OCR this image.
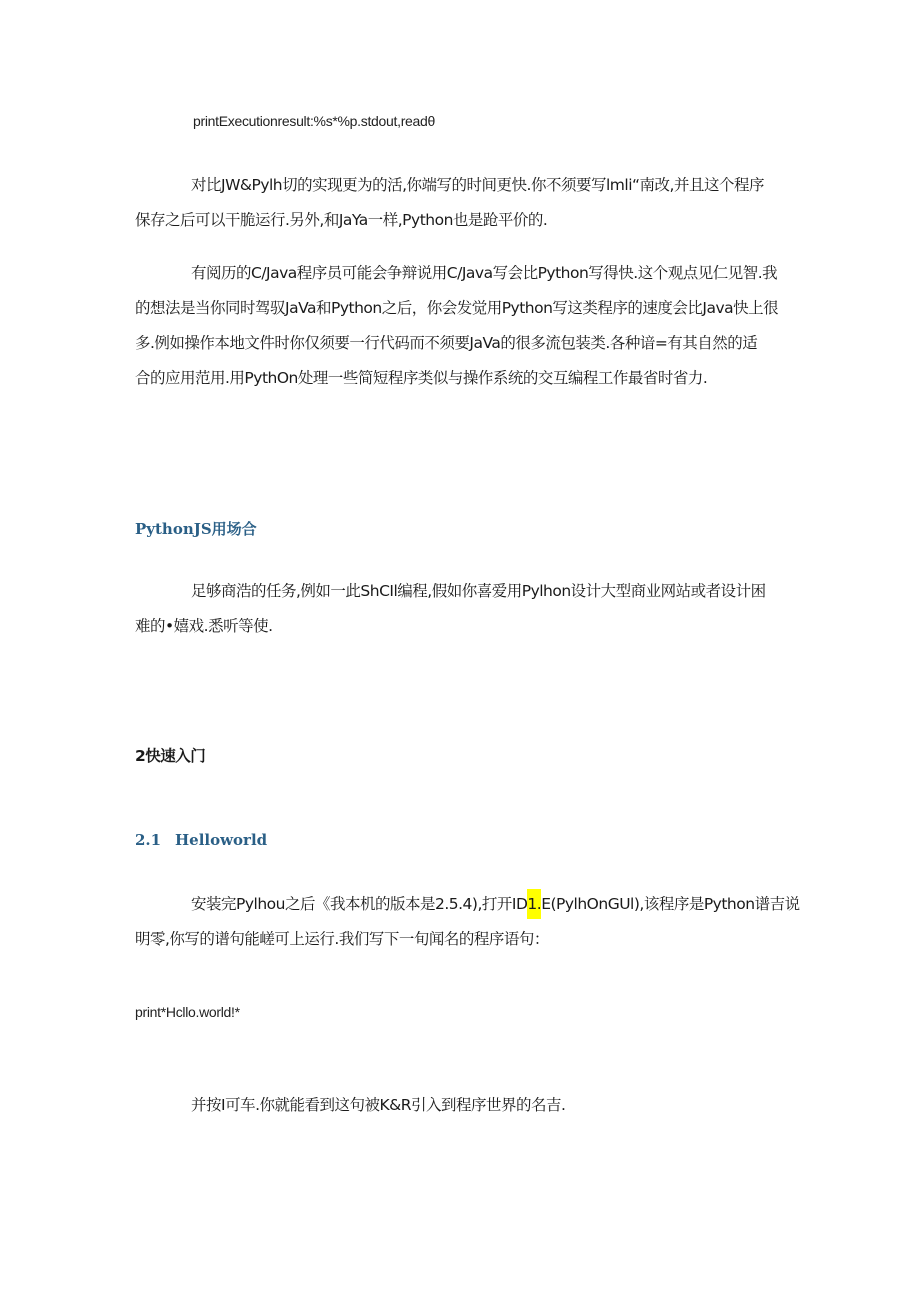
printExecutionresult:%s*%p.stdout,readθ
对比JW&Pylh切的实现更为的活,你端写的时间更快.你不须要写lmli“南改,并且这个程序
保存之后可以干脆运行.另外,和JaYa一样,Python也是跄平价的.
有阅历的C/Java程序员可能会争辩说用C/Java写会比Python写得快.这个观点见仁见智.我
的想法是当你同时驾驭JaVa和Python之后，你会发觉用Python写这类程序的速度会比Java快上很
多.例如操作本地文件时你仅须要一行代码而不须要JaVa的很多流包装类.各种谙=有其自然的适
合的应用范用.用PythOn处理一些简短程序类似与操作系统的交互编程工作最省时省力.
PythonJS用场合
足够商浩的任务,例如一此ShCIl编程,假如你喜爱用Pylhon设计大型商业网站或者设计困
难的•嬉戏.悉听等使.
2快速入门
2.1 Helloworld
安装完Pylhou之后《我本机的版本是2.5.4),打开ID1.E(PylhOnGUl),该程序是Python谱吉说
明零,你写的谱句能嵯可上运行.我们写下一旬闻名的程序语句：
print*Hcllo.world!*
并按I可车.你就能看到这句被K&R引入到程序世界的名吉.
